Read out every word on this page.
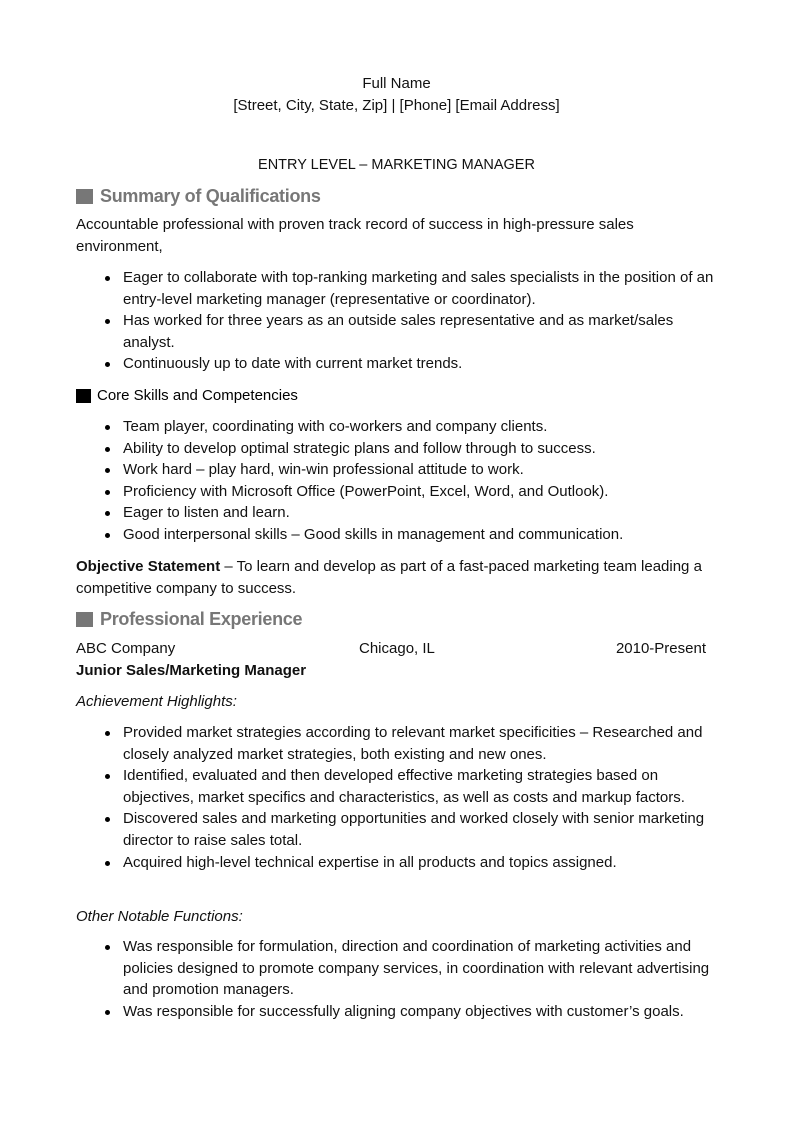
Full Name
[Street, City, State, Zip] | [Phone] [Email Address]
ENTRY LEVEL – MARKETING MANAGER
Summary of Qualifications
Accountable professional with proven track record of success in high-pressure sales environment,
Eager to collaborate with top-ranking marketing and sales specialists in the position of an entry-level marketing manager (representative or coordinator).
Has worked for three years as an outside sales representative and as market/sales analyst.
Continuously up to date with current market trends.
Core Skills and Competencies
Team player, coordinating with co-workers and company clients.
Ability to develop optimal strategic plans and follow through to success.
Work hard – play hard, win-win professional attitude to work.
Proficiency with Microsoft Office (PowerPoint, Excel, Word, and Outlook).
Eager to listen and learn.
Good interpersonal skills – Good skills in management and communication.
Objective Statement – To learn and develop as part of a fast-paced marketing team leading a competitive company to success.
Professional Experience
ABC Company	Chicago, IL	2010-Present
Junior Sales/Marketing Manager
Achievement Highlights:
Provided market strategies according to relevant market specificities – Researched and closely analyzed market strategies, both existing and new ones.
Identified, evaluated and then developed effective marketing strategies based on objectives, market specifics and characteristics, as well as costs and markup factors.
Discovered sales and marketing opportunities and worked closely with senior marketing director to raise sales total.
Acquired high-level technical expertise in all products and topics assigned.
Other Notable Functions:
Was responsible for formulation, direction and coordination of marketing activities and policies designed to promote company services, in coordination with relevant advertising and promotion managers.
Was responsible for successfully aligning company objectives with customer’s goals.
